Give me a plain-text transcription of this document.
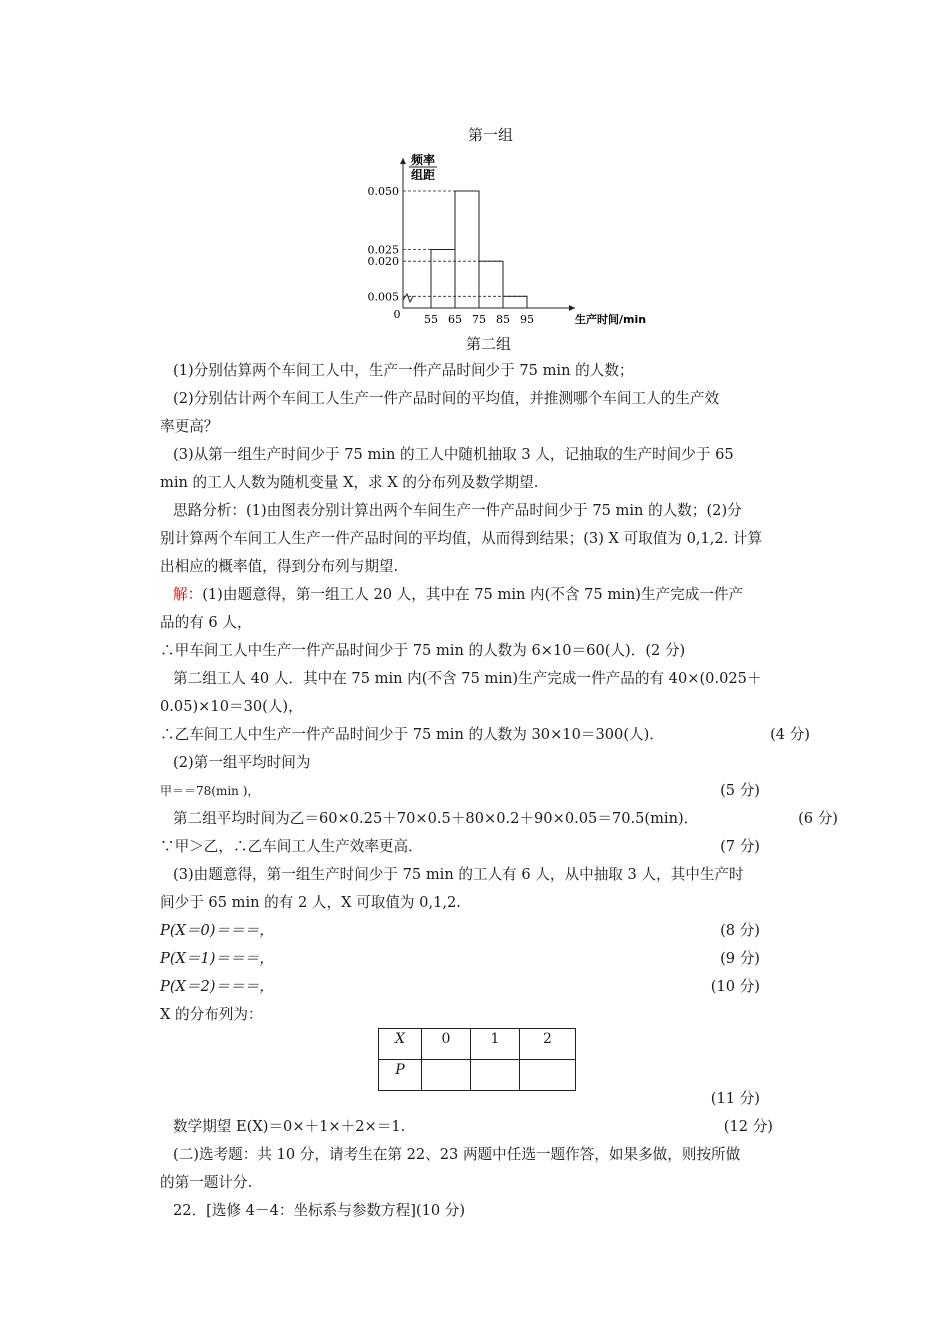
第一组
频率
组距
0	生产时间/min
0.005
0.020
0.025
0.050
55 65 75 85 95
第二组
(1)分别估算两个车间工人中，生产一件产品时间少于 75 min 的人数；
(2)分别估计两个车间工人生产一件产品时间的平均值，并推测哪个车间工人的生产效
率更高？
(3)从第一组生产时间少于 75 min 的工人中随机抽取 3 人，记抽取的生产时间少于 65
min 的工人人数为随机变量 X，求 X 的分布列及数学期望.
思路分析：(1)由图表分别计算出两个车间生产一件产品时间少于 75 min 的人数；(2)分
别计算两个车间工人生产一件产品时间的平均值，从而得到结果；(3) X 可取值为 0,1,2. 计算
出相应的概率值，得到分布列与期望.
解：(1)由题意得，第一组工人 20 人，其中在 75 min 内(不含 75 min)生产完成一件产
品的有 6 人，
∴甲车间工人中生产一件产品时间少于 75 min 的人数为 6×10＝60(人)．(2 分)
第二组工人 40 人．其中在 75 min 内(不含 75 min)生产完成一件产品的有 40×(0.025＋
0.05)×10＝30(人)，
∴乙车间工人中生产一件产品时间少于 75 min 的人数为 30×10＝300(人)．	(4 分)
(2)第一组平均时间为
甲＝＝78(min )，	(5 分)
第二组平均时间为乙＝60×0.25＋70×0.5＋80×0.2＋90×0.05＝70.5(min)．	(6 分)
∵甲＞乙，∴乙车间工人生产效率更高．	(7 分)
(3)由题意得，第一组生产时间少于 75 min 的工人有 6 人，从中抽取 3 人，其中生产时
间少于 65 min 的有 2 人，X 可取值为 0,1,2.
P(X＝0)＝＝＝，	(8 分)
P(X＝1)＝＝＝，	(9 分)
P(X＝2)＝＝＝，	(10 分)
X 的分布列为：
X	0	1	2
P			
(11 分)
数学期望 E(X)＝0×＋1×＋2×＝1.	(12 分)
(二)选考题：共 10 分，请考生在第 22、23 两题中任选一题作答，如果多做，则按所做
的第一题计分.
22．[选修 4－4：坐标系与参数方程](10 分)
